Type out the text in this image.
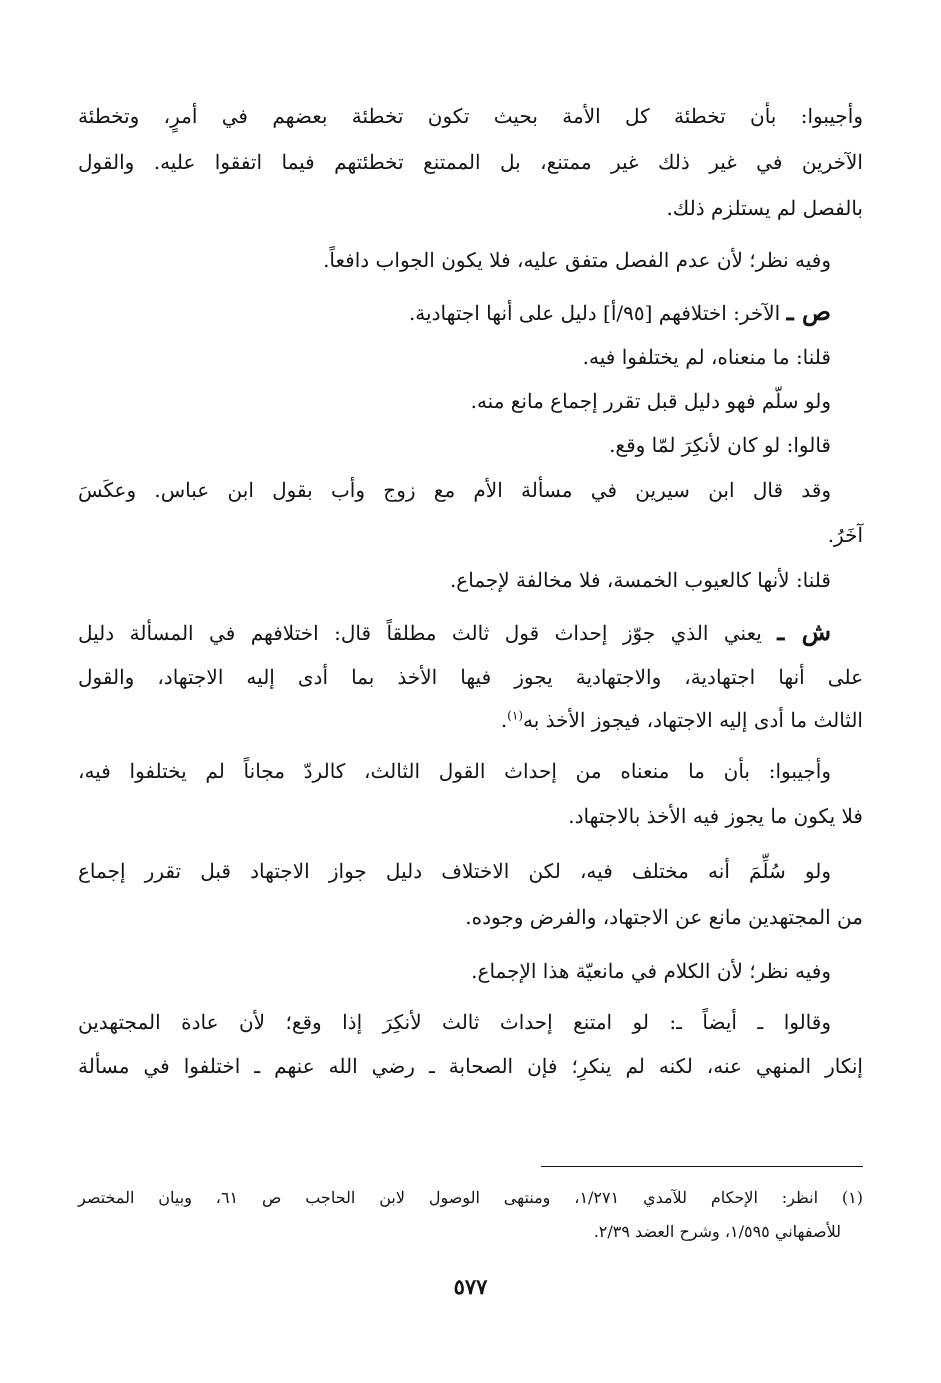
وأجيبوا: بأن تخطئة كل الأمة بحيث تكون تخطئة بعضهم في أمرٍ، وتخطئة
الآخرين في غير ذلك غير ممتنع، بل الممتنع تخطئتهم فيما اتفقوا عليه. والقول
بالفصل لم يستلزم ذلك.
وفيه نظر؛ لأن عدم الفصل متفق عليه، فلا يكون الجواب دافعاً.
ص ـ الآخر: اختلافهم [٩٥/أ] دليل على أنها اجتهادية.
قلنا: ما منعناه، لم يختلفوا فيه.
ولو سلّم فهو دليل قبل تقرر إجماع مانع منه.
قالوا: لو كان لأنكِرَ لمّا وقع.
وقد قال ابن سيرين في مسألة الأم مع زوج وأب بقول ابن عباس. وعكَسَ
آخَرُ.
قلنا: لأنها كالعيوب الخمسة، فلا مخالفة لإجماع.
ش ـ يعني الذي جوّز إحداث قول ثالث مطلقاً قال: اختلافهم في المسألة دليل
على أنها اجتهادية، والاجتهادية يجوز فيها الأخذ بما أدى إليه الاجتهاد، والقول
الثالث ما أدى إليه الاجتهاد، فيجوز الأخذ به$^{(١)}$.
وأجيبوا: بأن ما منعناه من إحداث القول الثالث، كالردّ مجاناً لم يختلفوا فيه،
فلا يكون ما يجوز فيه الأخذ بالاجتهاد.
ولو سُلِّمَ أنه مختلف فيه، لكن الاختلاف دليل جواز الاجتهاد قبل تقرر إجماع
من المجتهدين مانع عن الاجتهاد، والفرض وجوده.
وفيه نظر؛ لأن الكلام في مانعيّة هذا الإجماع.
وقالوا ـ أيضاً ـ: لو امتنع إحداث ثالث لأنكِرَ إذا وقع؛ لأن عادة المجتهدين
إنكار المنهي عنه، لكنه لم ينكرِ؛ فإن الصحابة ـ رضي الله عنهم ـ اختلفوا في مسألة
(١) انظر: الإحكام للآمدي ١/٢٧١، ومنتهى الوصول لابن الحاجب ص ٦١، وبيان المختصر
للأصفهاني ١/٥٩٥، وشرح العضد ٢/٣٩.
٥٧٧
